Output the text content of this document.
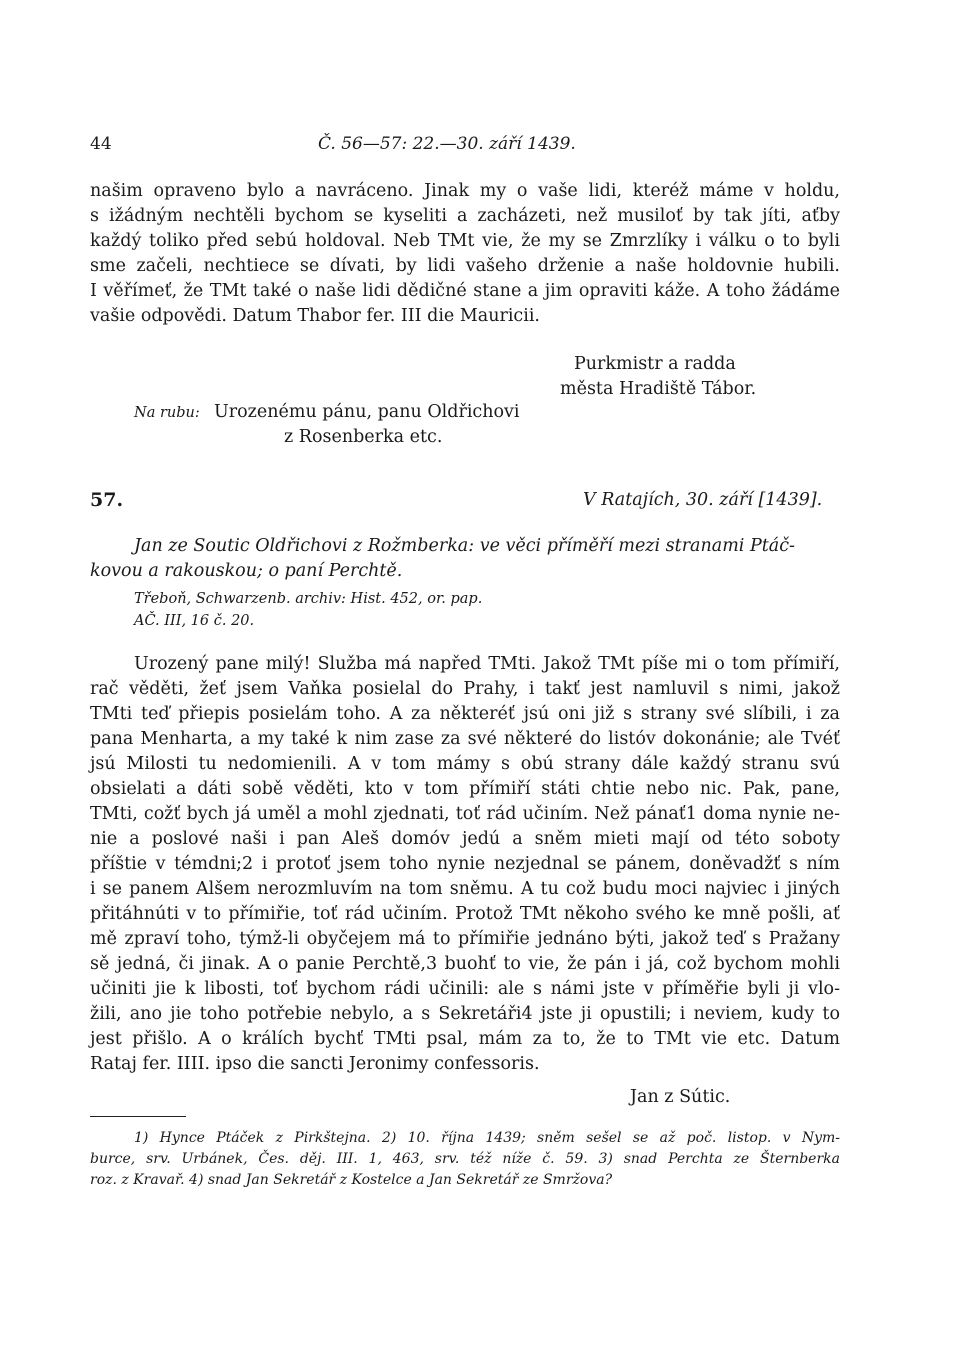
44	Č. 56—57: 22.—30. září 1439.
našim opraveno bylo a navráceno. Jinak my o vaše lidi, kteréž máme v holdu,
s ižádným nechtěli bychom se kyseliti a zacházeti, než musiloť by tak jíti, aťby
každý toliko před sebú holdoval. Neb TMt vie, že my se Zmrzlíky i válku o to byli
sme začeli, nechtiece se dívati, by lidi vašeho drženie a naše holdovnie hubili.
I věřímeť, že TMt také o naše lidi dědičné stane a jim opraviti káže. A toho žádáme
vašie odpovědi. Datum Thabor fer. III die Mauricii.
Purkmistr a radda
města Hradiště Tábor.
Na rubu: Urozenému pánu, panu Oldřichovi
z Rosenberka etc.
57.	V Ratajích, 30. září [1439].
Jan ze Soutic Oldřichovi z Rožmberka: ve věci příměří mezi stranami Ptáč-
kovou a rakouskou; o paní Perchtě.
Třeboň, Schwarzenb. archiv: Hist. 452, or. pap.
AČ. III, 16 č. 20.
Urozený pane milý! Služba má napřed TMti. Jakož TMt píše mi o tom přímiří,
rač věděti, žeť jsem Vaňka posielal do Prahy, i takť jest namluvil s nimi, jakož
TMti teď přiepis posielám toho. A za některéť jsú oni již s strany své slíbili, i za
pana Menharta, a my také k nim zase za své některé do listóv dokonánie; ale Tvéť
jsú Milosti tu nedomienili. A v tom mámy s obú strany dále každý stranu svú
obsielati a dáti sobě věděti, kto v tom přímiří státi chtie nebo nic. Pak, pane,
TMti, cožť bych já uměl a mohl zjednati, toť rád učiním. Než pánať1 doma nynie ne-
nie a poslové naši i pan Aleš domóv jedú a sněm mieti mají od této soboty
příštie v témdni;2 i protoť jsem toho nynie nezjednal se pánem, doněvadžť s ním
i se panem Alšem nerozmluvím na tom sněmu. A tu což budu moci najviec i jiných
přitáhnúti v to přímiřie, toť rád učiním. Protož TMt někoho svého ke mně pošli, ať
mě zpraví toho, týmž-li obyčejem má to přímiřie jednáno býti, jakož teď s Pražany
sě jedná, či jinak. A o panie Perchtě,3 buohť to vie, že pán i já, což bychom mohli
učiniti jie k libosti, toť bychom rádi učinili: ale s námi jste v příměřie byli ji vlo-
žili, ano jie toho potřebie nebylo, a s Sekretáři4 jste ji opustili; i neviem, kudy to
jest přišlo. A o králích bychť TMti psal, mám za to, že to TMt vie etc. Datum
Rataj fer. IIII. ipso die sancti Jeronimy confessoris.
Jan z Sútic.
1) Hynce Ptáček z Pirkštejna. 2) 10. října 1439; sněm sešel se až poč. listop. v Nym-
burce, srv. Urbánek, Čes. děj. III. 1, 463, srv. též níže č. 59. 3) snad Perchta ze Šternberka
roz. z Kravař. 4) snad Jan Sekretář z Kostelce a Jan Sekretář ze Smržova?
